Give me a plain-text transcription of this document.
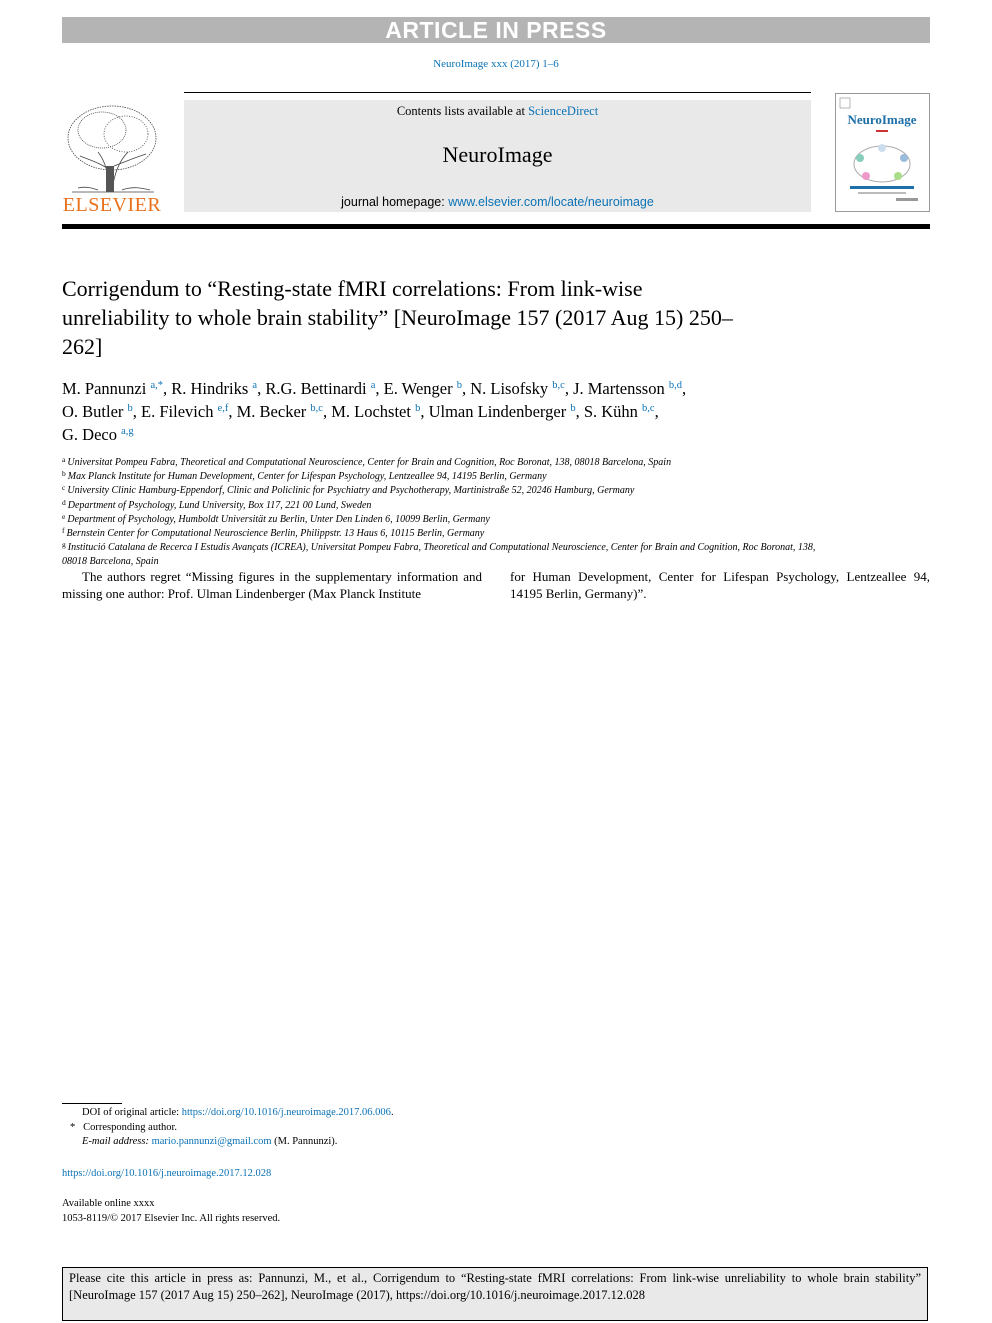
ARTICLE IN PRESS
NeuroImage xxx (2017) 1–6
ELSEVIER
Contents lists available at ScienceDirect
NeuroImage
journal homepage: www.elsevier.com/locate/neuroimage
NeuroImage
Corrigendum to “Resting-state fMRI correlations: From link-wise unreliability to whole brain stability” [NeuroImage 157 (2017 Aug 15) 250–262]
M. Pannunzi $^{a,*}$, R. Hindriks $^a$, R.G. Bettinardi $^a$, E. Wenger $^b$, N. Lisofsky $^{b,c}$, J. Martensson $^{b,d}$,
O. Butler $^b$, E. Filevich $^{e,f}$, M. Becker $^{b,c}$, M. Lochstet $^b$, Ulman Lindenberger $^b$, S. Kühn $^{b,c}$,
G. Deco $^{a,g}$
$^a$ Universitat Pompeu Fabra, Theoretical and Computational Neuroscience, Center for Brain and Cognition, Roc Boronat, 138, 08018 Barcelona, Spain
$^b$ Max Planck Institute for Human Development, Center for Lifespan Psychology, Lentzeallee 94, 14195 Berlin, Germany
$^c$ University Clinic Hamburg-Eppendorf, Clinic and Policlinic for Psychiatry and Psychotherapy, Martinistraße 52, 20246 Hamburg, Germany
$^d$ Department of Psychology, Lund University, Box 117, 221 00 Lund, Sweden
$^e$ Department of Psychology, Humboldt Universität zu Berlin, Unter Den Linden 6, 10099 Berlin, Germany
$^f$ Bernstein Center for Computational Neuroscience Berlin, Philippstr. 13 Haus 6, 10115 Berlin, Germany
$^g$ Institució Catalana de Recerca I Estudis Avançats (ICREA), Universitat Pompeu Fabra, Theoretical and Computational Neuroscience, Center for Brain and Cognition, Roc Boronat, 138, 08018 Barcelona, Spain
The authors regret “Missing figures in the supplementary information and missing one author: Prof. Ulman Lindenberger (Max Planck Institute
for Human Development, Center for Lifespan Psychology, Lentzeallee 94, 14195 Berlin, Germany)”.
DOI of original article: https://doi.org/10.1016/j.neuroimage.2017.06.006.
* Corresponding author.
E-mail address: mario.pannunzi@gmail.com (M. Pannunzi).
https://doi.org/10.1016/j.neuroimage.2017.12.028
Available online xxxx
1053-8119/© 2017 Elsevier Inc. All rights reserved.
Please cite this article in press as: Pannunzi, M., et al., Corrigendum to “Resting-state fMRI correlations: From link-wise unreliability to whole brain stability” [NeuroImage 157 (2017 Aug 15) 250–262], NeuroImage (2017), https://doi.org/10.1016/j.neuroimage.2017.12.028
